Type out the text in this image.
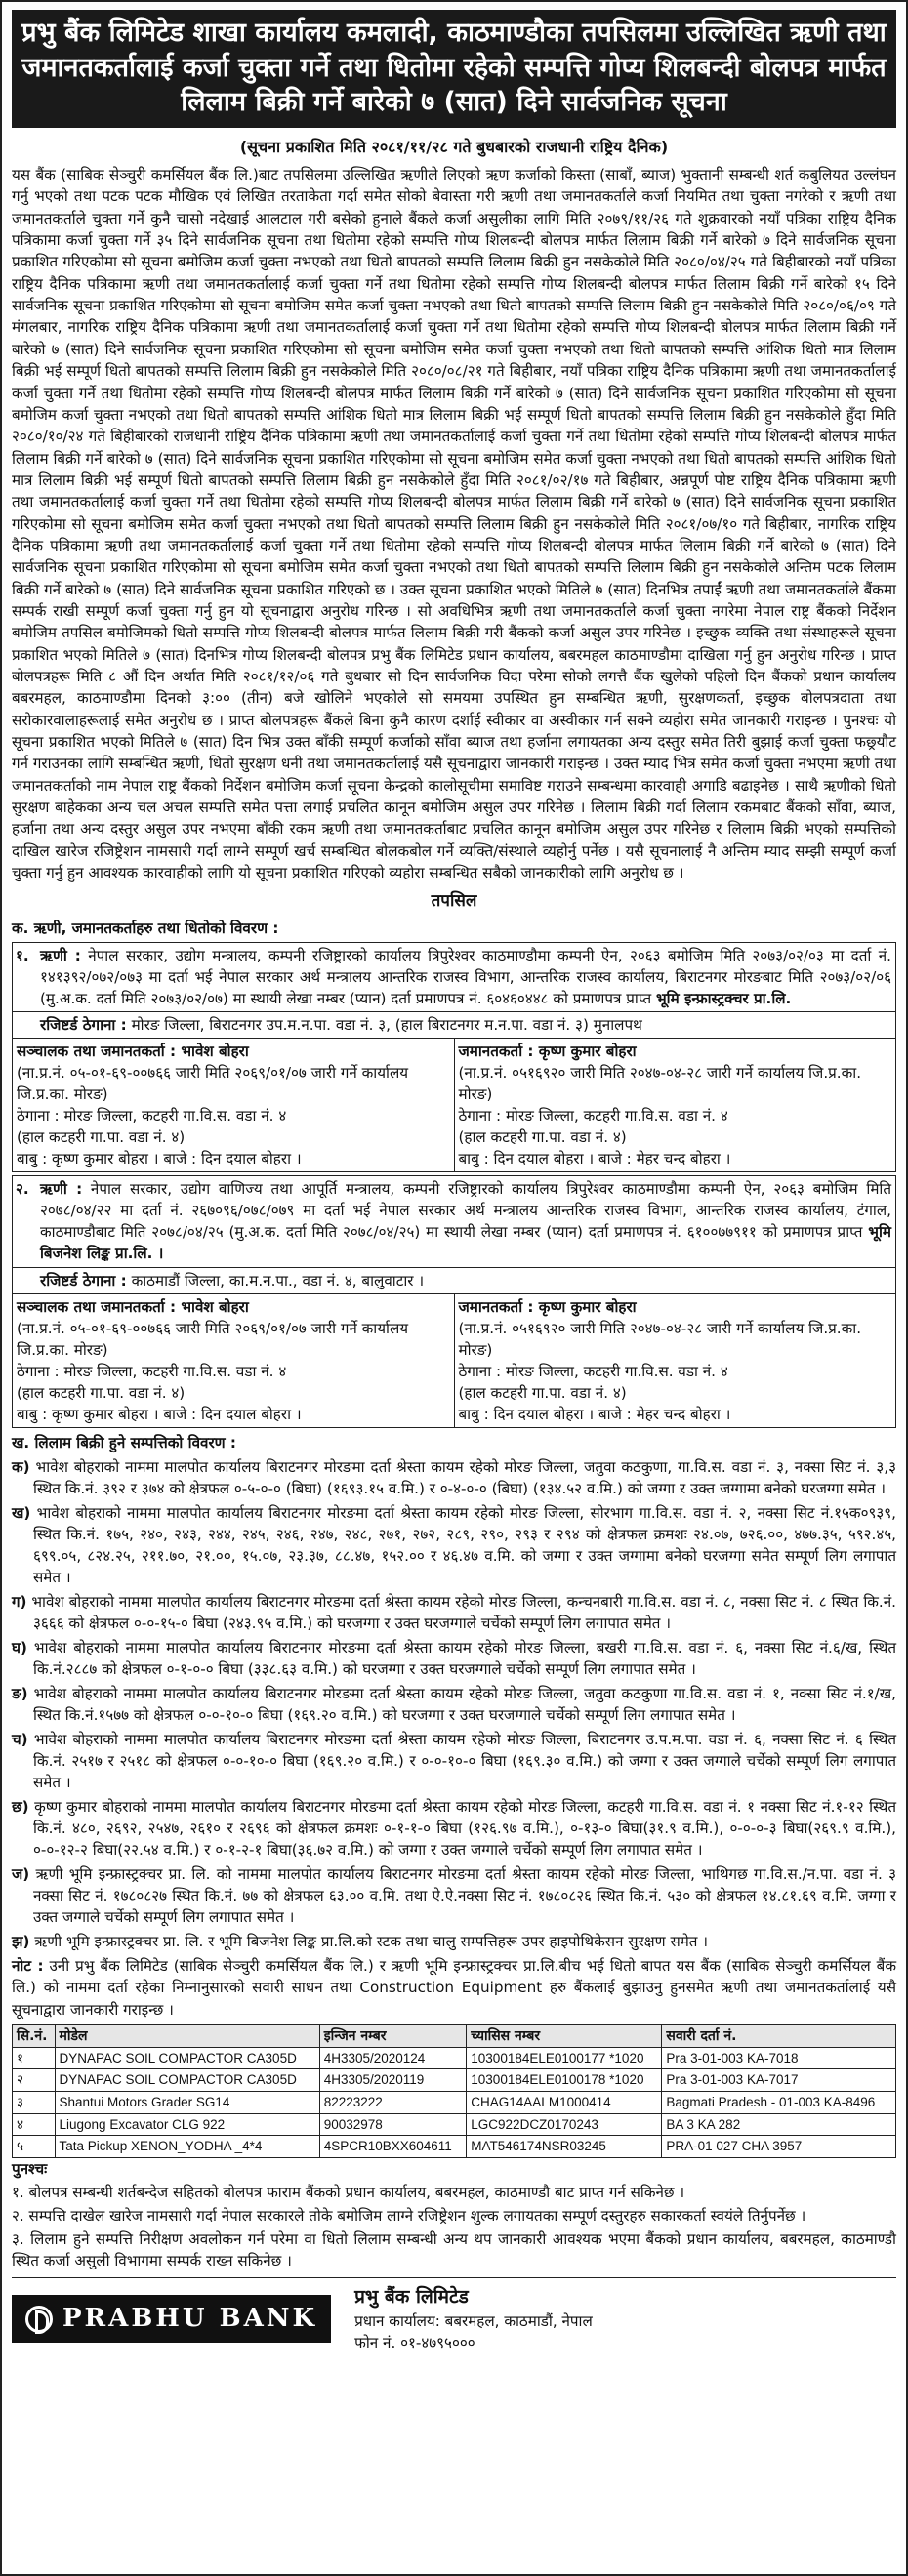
प्रभु बैंक लिमिटेड शाखा कार्यालय कमलादी, काठमाण्डौका तपसिलमा उल्लिखित ऋणी तथा जमानतकर्तालाई कर्जा चुक्ता गर्ने तथा धितोमा रहेको सम्पत्ति गोप्य शिलबन्दी बोलपत्र मार्फत लिलाम बिक्री गर्ने बारेको ७ (सात) दिने सार्वजनिक सूचना
(सूचना प्रकाशित मिति २०८१/११/२८ गते बुधबारको राजधानी राष्ट्रिय दैनिक)

यस बैंक (साबिक सेञ्चुरी कमर्सियल बैंक लि.)बाट तपसिलमा उल्लिखित ऋणीले लिएको ऋण कर्जाको किस्ता (साबाँ, ब्याज) भुक्तानी सम्बन्धी शर्त कबुलियत उल्लंघन गर्नु भएको तथा पटक पटक मौखिक एवं लिखित तरताकेता गर्दा समेत सोको बेवास्ता गरी ऋणी तथा जमानतकर्ताले कर्जा नियमित तथा चुक्ता नगरेको र ऋणी तथा जमानतकर्ताले चुक्ता गर्ने कुनै चासो नदेखाई आलटाल गरी बसेको हुनाले बैंकले कर्जा असुलीका लागि मिति २०७९/११/२६ गते शुक्रवारको नयाँ पत्रिका राष्ट्रिय दैनिक पत्रिकामा कर्जा चुक्ता गर्ने ३५ दिने सार्वजनिक सूचना तथा धितोमा रहेको सम्पत्ति गोप्य शिलबन्दी बोलपत्र मार्फत लिलाम बिक्री गर्ने बारेको ७ दिने सार्वजनिक सूचना प्रकाशित गरिएकोमा सो सूचना बमोजिम कर्जा चुक्ता नभएको तथा धितो बापतको सम्पत्ति लिलाम बिक्री हुन नसकेकोले मिति २०८०/०४/२५ गते बिहीबारको नयाँ पत्रिका राष्ट्रिय दैनिक पत्रिकामा ऋणी तथा जमानतकर्तालाई कर्जा चुक्ता गर्ने तथा धितोमा रहेको सम्पत्ति गोप्य शिलबन्दी बोलपत्र मार्फत लिलाम बिक्री गर्ने बारेको १५ दिने सार्वजनिक सूचना प्रकाशित गरिएकोमा सो सूचना बमोजिम समेत कर्जा चुक्ता नभएको तथा धितो बापतको सम्पत्ति लिलाम बिक्री हुन नसकेकोले मिति २०८०/०६/०९ गते मंगलबार, नागरिक राष्ट्रिय दैनिक पत्रिकामा ऋणी तथा जमानतकर्तालाई कर्जा चुक्ता गर्ने तथा धितोमा रहेको सम्पत्ति गोप्य शिलबन्दी बोलपत्र मार्फत लिलाम बिक्री गर्ने बारेको ७ (सात) दिने सार्वजनिक सूचना प्रकाशित गरिएकोमा सो सूचना बमोजिम समेत कर्जा चुक्ता नभएको तथा धितो बापतको सम्पत्ति आंशिक धितो मात्र लिलाम बिक्री भई सम्पूर्ण धितो बापतको सम्पत्ति लिलाम बिक्री हुन नसकेकोले मिति २०८०/०८/२१ गते बिहीबार, नयाँ पत्रिका राष्ट्रिय दैनिक पत्रिकामा ऋणी तथा जमानतकर्तालाई कर्जा चुक्ता गर्ने तथा धितोमा रहेको सम्पत्ति गोप्य शिलबन्दी बोलपत्र मार्फत लिलाम बिक्री गर्ने बारेको ७ (सात) दिने सार्वजनिक सूचना प्रकाशित गरिएकोमा सो सूचना बमोजिम कर्जा चुक्ता नभएको तथा धितो बापतको सम्पत्ति आंशिक धितो मात्र लिलाम बिक्री भई सम्पूर्ण धितो बापतको सम्पत्ति लिलाम बिक्री हुन नसकेकोले हुँदा मिति २०८०/१०/२४ गते बिहीबारको राजधानी राष्ट्रिय दैनिक पत्रिकामा ऋणी तथा जमानतकर्तालाई कर्जा चुक्ता गर्ने तथा धितोमा रहेको सम्पत्ति गोप्य शिलबन्दी बोलपत्र मार्फत लिलाम बिक्री गर्ने बारेको ७ (सात) दिने सार्वजनिक सूचना प्रकाशित गरिएकोमा सो सूचना बमोजिम समेत कर्जा चुक्ता नभएको तथा धितो बापतको सम्पत्ति आंशिक धितो मात्र लिलाम बिक्री भई सम्पूर्ण धितो बापतको सम्पत्ति लिलाम बिक्री हुन नसकेकोले हुँदा मिति २०८१/०२/१७ गते बिहीबार, अन्नपूर्ण पोष्ट राष्ट्रिय दैनिक पत्रिकामा ऋणी तथा जमानतकर्तालाई कर्जा चुक्ता गर्ने तथा धितोमा रहेको सम्पत्ति गोप्य शिलबन्दी बोलपत्र मार्फत लिलाम बिक्री गर्ने बारेको ७ (सात) दिने सार्वजनिक सूचना प्रकाशित गरिएकोमा सो सूचना बमोजिम समेत कर्जा चुक्ता नभएको तथा धितो बापतको सम्पत्ति लिलाम बिक्री हुन नसकेकोले मिति २०८१/०७/१० गते बिहीबार, नागरिक राष्ट्रिय दैनिक पत्रिकामा ऋणी तथा जमानतकर्तालाई कर्जा चुक्ता गर्ने तथा धितोमा रहेको सम्पत्ति गोप्य शिलबन्दी बोलपत्र मार्फत लिलाम बिक्री गर्ने बारेको ७ (सात) दिने सार्वजनिक सूचना प्रकाशित गरिएकोमा सो सूचना बमोजिम समेत कर्जा चुक्ता नभएको तथा धितो बापतको सम्पत्ति लिलाम बिक्री हुन नसकेकोले अन्तिम पटक लिलाम बिक्री गर्ने बारेको ७ (सात) दिने सार्वजनिक सूचना प्रकाशित गरिएको छ । उक्त सूचना प्रकाशित भएको मितिले ७ (सात) दिनभित्र तपाईं ऋणी तथा जमानतकर्ताले बैंकमा सम्पर्क राखी सम्पूर्ण कर्जा चुक्ता गर्नु हुन यो सूचनाद्वारा अनुरोध गरिन्छ । सो अवधिभित्र ऋणी तथा जमानतकर्ताले कर्जा चुक्ता नगरेमा नेपाल राष्ट्र बैंकको निर्देशन बमोजिम तपसिल बमोजिमको धितो सम्पत्ति गोप्य शिलबन्दी बोलपत्र मार्फत लिलाम बिक्री गरी बैंकको कर्जा असुल उपर गरिनेछ । इच्छुक व्यक्ति तथा संस्थाहरूले सूचना प्रकाशित भएको मितिले ७ (सात) दिनभित्र गोप्य शिलबन्दी बोलपत्र प्रभु बैंक लिमिटेड प्रधान कार्यालय, बबरमहल काठमाण्डौमा दाखिला गर्नु हुन अनुरोध गरिन्छ । प्राप्त बोलपत्रहरू मिति ८ औं दिन अर्थात मिति २०८१/१२/०६ गते बुधबार सो दिन सार्वजनिक विदा परेमा सोको लगत्तै बैंक खुलेको पहिलो दिन बैंकको प्रधान कार्यालय बबरमहल, काठमाण्डौमा दिनको ३:०० (तीन) बजे खोलिने भएकोले सो समयमा उपस्थित हुन सम्बन्धित ऋणी, सुरक्षणकर्ता, इच्छुक बोलपत्रदाता तथा सरोकारवालाहरूलाई समेत अनुरोध छ । प्राप्त बोलपत्रहरू बैंकले बिना कुनै कारण दर्शाई स्वीकार वा अस्वीकार गर्न सक्ने व्यहोरा समेत जानकारी गराइन्छ । पुनश्चः यो सूचना प्रकाशित भएको मितिले ७ (सात) दिन भित्र उक्त बाँकी सम्पूर्ण कर्जाको साँवा ब्याज तथा हर्जाना लगायतका अन्य दस्तुर समेत तिरी बुझाई कर्जा चुक्ता फछ्र्यौट गर्न गराउनका लागि सम्बन्धित ऋणी, धितो सुरक्षण धनी तथा जमानतकर्तालाई यसै सूचनाद्वारा जानकारी गराइन्छ । उक्त म्याद भित्र समेत कर्जा चुक्ता नभएमा ऋणी तथा जमानतकर्ताको नाम नेपाल राष्ट्र बैंकको निर्देशन बमोजिम कर्जा सूचना केन्द्रको कालोसूचीमा समाविष्ट गराउने सम्बन्धमा कारवाही अगाडि बढाइनेछ । साथै ऋणीको धितो सुरक्षण बाहेकका अन्य चल अचल सम्पत्ति समेत पत्ता लगाई प्रचलित कानून बमोजिम असुल उपर गरिनेछ । लिलाम बिक्री गर्दा लिलाम रकमबाट बैंकको साँवा, ब्याज, हर्जाना तथा अन्य दस्तुर असुल उपर नभएमा बाँकी रकम ऋणी तथा जमानतकर्ताबाट प्रचलित कानून बमोजिम असुल उपर गरिनेछ र लिलाम बिक्री भएको सम्पत्तिको दाखिल खारेज रजिष्ट्रेशन नामसारी गर्दा लाग्ने सम्पूर्ण खर्च सम्बन्धित बोलकबोल गर्ने व्यक्ति/संस्थाले व्यहोर्नु पर्नेछ । यसै सूचनालाई नै अन्तिम म्याद सम्झी सम्पूर्ण कर्जा चुक्ता गर्नु हुन आवश्यक कारवाहीको लागि यो सूचना प्रकाशित गरिएको व्यहोरा सम्बन्धित सबैको जानकारीको लागि अनुरोध छ ।

तपसिल
क. ऋणी, जमानतकर्ताहरु तथा धितोको विवरण :
१. ऋणी : नेपाल सरकार, उद्योग मन्त्रालय, कम्पनी रजिष्ट्रारको कार्यालय त्रिपुरेश्वर काठमाण्डौमा कम्पनी ऐन, २०६३ बमोजिम मिति २०७३/०२/०३ मा दर्ता नं. १४१३९२/०७२/०७३ मा दर्ता भई नेपाल सरकार अर्थ मन्त्रालय आन्तरिक राजस्व विभाग, आन्तरिक राजस्व कार्यालय, बिराटनगर मोरङबाट मिति २०७३/०२/०६ (मु.अ.क. दर्ता मिति २०७३/०२/०७) मा स्थायी लेखा नम्बर (प्यान) दर्ता प्रमाणपत्र नं. ६०४६०४४८ को प्रमाणपत्र प्राप्त भूमि इन्फ्रास्ट्रक्चर प्रा.लि.
रजिष्टर्ड ठेगाना : मोरङ जिल्ला, बिराटनगर उप.म.न.पा. वडा नं. ३, (हाल बिराटनगर म.न.पा. वडा नं. ३) मुनालपथ
सञ्चालक तथा जमानतकर्ता : भावेश बोहरा
(ना.प्र.नं. ०५-०१-६९-००७६६ जारी मिति २०६९/०१/०७ जारी गर्ने कार्यालय जि.प्र.का. मोरङ)
ठेगाना : मोरङ जिल्ला, कटहरी गा.वि.स. वडा नं. ४
(हाल कटहरी गा.पा. वडा नं. ४)
बाबु : कृष्ण कुमार बोहरा । बाजे : दिन दयाल बोहरा ।
जमानतकर्ता : कृष्ण कुमार बोहरा
(ना.प्र.नं. ०५१६९२० जारी मिति २०४७-०४-२८ जारी गर्ने कार्यालय जि.प्र.का. मोरङ)
ठेगाना : मोरङ जिल्ला, कटहरी गा.वि.स. वडा नं. ४
(हाल कटहरी गा.पा. वडा नं. ४)
बाबु : दिन दयाल बोहरा । बाजे : मेहर चन्द बोहरा ।
२. ऋणी : नेपाल सरकार, उद्योग वाणिज्य तथा आपूर्ति मन्त्रालय, कम्पनी रजिष्ट्रारको कार्यालय त्रिपुरेश्वर काठमाण्डौमा कम्पनी ऐन, २०६३ बमोजिम मिति २०७८/०४/२२ मा दर्ता नं. २६७०९६/०७८/०७९ मा दर्ता भई नेपाल सरकार अर्थ मन्त्रालय आन्तरिक राजस्व विभाग, आन्तरिक राजस्व कार्यालय, टंगाल, काठमाण्डौबाट मिति २०७८/०४/२५ (मु.अ.क. दर्ता मिति २०७८/०४/२५) मा स्थायी लेखा नम्बर (प्यान) दर्ता प्रमाणपत्र नं. ६१००७७९११ को प्रमाणपत्र प्राप्त भूमि बिजनेश लिङ्क प्रा.लि. ।
रजिष्टर्ड ठेगाना : काठमाडौं जिल्ला, का.म.न.पा., वडा नं. ४, बालुवाटार ।
सञ्चालक तथा जमानतकर्ता : भावेश बोहरा
(ना.प्र.नं. ०५-०१-६९-००७६६ जारी मिति २०६९/०१/०७ जारी गर्ने कार्यालय जि.प्र.का. मोरङ)
ठेगाना : मोरङ जिल्ला, कटहरी गा.वि.स. वडा नं. ४
(हाल कटहरी गा.पा. वडा नं. ४)
बाबु : कृष्ण कुमार बोहरा । बाजे : दिन दयाल बोहरा ।
जमानतकर्ता : कृष्ण कुमार बोहरा
(ना.प्र.नं. ०५१६९२० जारी मिति २०४७-०४-२८ जारी गर्ने कार्यालय जि.प्र.का. मोरङ)
ठेगाना : मोरङ जिल्ला, कटहरी गा.वि.स. वडा नं. ४
(हाल कटहरी गा.पा. वडा नं. ४)
बाबु : दिन दयाल बोहरा । बाजे : मेहर चन्द बोहरा ।
ख. लिलाम बिक्री हुने सम्पत्तिको विवरण :

क) भावेश बोहराको नाममा मालपोत कार्यालय बिराटनगर मोरङमा दर्ता श्रेस्ता कायम रहेको मोरङ जिल्ला, जतुवा कठकुणा, गा.वि.स. वडा नं. ३, नक्सा सिट नं. ३,३ स्थित कि.नं. ३९२ र ३७४ को क्षेत्रफल ०-५-०-० (बिघा) (१६९३.१५ व.मि.) र ०-४-०-० (बिघा) (१३४.५२ व.मि.) को जग्गा र उक्त जग्गामा बनेको घरजग्गा समेत ।

ख) भावेश बोहराको नाममा मालपोत कार्यालय बिराटनगर मोरङमा दर्ता श्रेस्ता कायम रहेको मोरङ जिल्ला, सोरभाग गा.वि.स. वडा नं. २, नक्सा सिट नं.१५क०९३९, स्थित कि.नं. १७५, २४०, २४३, २४४, २४५, २४६, २४७, २४८, २७१, २७२, २८९, २९०, २९३ र २९४ को क्षेत्रफल क्रमशः २४.०७, ७२६.००, ४७७.३५, ५९२.४५, ६९९.०५, ८२४.२५, २११.७०, २१.००, १५.०७, २३.३७, ८८.४७, १५२.०० र ४६.४७ व.मि. को जग्गा र उक्त जग्गामा बनेको घरजग्गा समेत सम्पूर्ण लिग लगापात समेत ।

ग) भावेश बोहराको नाममा मालपोत कार्यालय बिराटनगर मोरङमा दर्ता श्रेस्ता कायम रहेको मोरङ जिल्ला, कन्चनबारी गा.वि.स. वडा नं. ८, नक्सा सिट नं. ८ स्थित कि.नं. ३६६६ को क्षेत्रफल ०-०-१५-० बिघा (२४३.९५ व.मि.) को घरजग्गा र उक्त घरजग्गाले चर्चेको सम्पूर्ण लिग लगापात समेत ।

घ) भावेश बोहराको नाममा मालपोत कार्यालय बिराटनगर मोरङमा दर्ता श्रेस्ता कायम रहेको मोरङ जिल्ला, बखरी गा.वि.स. वडा नं. ६, नक्सा सिट नं.६/ख, स्थित कि.नं.२८८७ को क्षेत्रफल ०-१-०-० बिघा (३३८.६३ व.मि.) को घरजग्गा र उक्त घरजग्गाले चर्चेको सम्पूर्ण लिग लगापात समेत ।

ङ) भावेश बोहराको नाममा मालपोत कार्यालय बिराटनगर मोरङमा दर्ता श्रेस्ता कायम रहेको मोरङ जिल्ला, जतुवा कठकुणा गा.वि.स. वडा नं. १, नक्सा सिट नं.१/ख, स्थित कि.नं.१५७७ को क्षेत्रफल ०-०-१०-० बिघा (१६९.२० व.मि.) को घरजग्गा र उक्त घरजग्गाले चर्चेको सम्पूर्ण लिग लगापात समेत ।

च) भावेश बोहराको नाममा मालपोत कार्यालय बिराटनगर मोरङमा दर्ता श्रेस्ता कायम रहेको मोरङ जिल्ला, बिराटनगर उ.प.म.पा. वडा नं. ६, नक्सा सिट नं. ६ स्थित कि.नं. २५१७ र २५१८ को क्षेत्रफल ०-०-१०-० बिघा (१६९.२० व.मि.) र ०-०-१०-० बिघा (१६९.३० व.मि.) को जग्गा र उक्त जग्गाले चर्चेको सम्पूर्ण लिग लगापात समेत ।

छ) कृष्ण कुमार बोहराको नाममा मालपोत कार्यालय बिराटनगर मोरङमा दर्ता श्रेस्ता कायम रहेको मोरङ जिल्ला, कटहरी गा.वि.स. वडा नं. १ नक्सा सिट नं.१-१२ स्थित कि.नं. ४८०, २६९२, २५४७, २६१० र २६९६ को क्षेत्रफल क्रमशः ०-१-१-० बिघा (१२६.९७ व.मि.), ०-१३-० बिघा(३१.९ व.मि.), ०-०-०-३ बिघा(२६९.९ व.मि.), ०-०-१२-२ बिघा(२२.५४ व.मि.) र ०-१-२-१ बिघा(३६.७२ व.मि.) को जग्गा र उक्त जग्गाले चर्चेको सम्पूर्ण लिग लगापात समेत ।

ज) ऋणी भूमि इन्फ्रास्ट्रक्चर प्रा. लि. को नाममा मालपोत कार्यालय बिराटनगर मोरङमा दर्ता श्रेस्ता कायम रहेको मोरङ जिल्ला, भाथिगछ गा.वि.स./न.पा. वडा नं. ३ नक्सा सिट नं. १७८०८२७ स्थित कि.नं. ७७ को क्षेत्रफल ६३.०० व.मि. तथा ऐ.ऐ.नक्सा सिट नं. १७८०८२६ स्थित कि.नं. ५३० को क्षेत्रफल १४.८१.६९ व.मि. जग्गा र उक्त जग्गाले चर्चेको सम्पूर्ण लिग लगापात समेत ।

झ) ऋणी भूमि इन्फ्रास्ट्रक्चर प्रा. लि. र भूमि बिजनेश लिङ्क प्रा.लि.को स्टक तथा चालु सम्पत्तिहरू उपर हाइपोथिकेसन सुरक्षण समेत ।

नोट : उनी प्रभु बैंक लिमिटेड (साबिक सेञ्चुरी कमर्सियल बैंक लि.) र ऋणी भूमि इन्फ्रास्ट्रक्चर प्रा.लि.बीच भई धितो बापत यस बैंक (साबिक सेञ्चुरी कमर्सियल बैंक लि.) को नाममा दर्ता रहेका निम्नानुसारको सवारी साधन तथा Construction Equipment हरु बैंकलाई बुझाउनु हुनसमेत ऋणी तथा जमानतकर्तालाई यसै सूचनाद्वारा जानकारी गराइन्छ ।

सि.नं.	मोडेल	इन्जिन नम्बर	च्यासिस नम्बर	सवारी दर्ता नं.
१	DYNAPAC SOIL COMPACTOR CA305D	4H3305/2020124	10300184ELE0100177 *1020	Pra 3-01-003 KA-7018
२	DYNAPAC SOIL COMPACTOR CA305D	4H3305/2020119	10300184ELE0100178 *1020	Pra 3-01-003 KA-7017
३	Shantui Motors Grader SG14	82223222	CHAG14AALM1000414	Bagmati Pradesh - 01-003 KA-8496
४	Liugong Excavator CLG 922	90032978	LGC922DCZ0170243	BA 3 KA 282
५	Tata Pickup XENON_YODHA _4*4	4SPCR10BXX604611	MAT546174NSR03245	PRA-01 027 CHA 3957
पुनश्चः

१. बोलपत्र सम्बन्धी शर्तबन्देज सहितको बोलपत्र फाराम बैंकको प्रधान कार्यालय, बबरमहल, काठमाण्डौ बाट प्राप्त गर्न सकिनेछ ।

२. सम्पत्ति दाखेल खारेज नामसारी गर्दा नेपाल सरकारले तोके बमोजिम लाग्ने रजिष्ट्रेशन शुल्क लगायतका सम्पूर्ण दस्तुरहरु सकारकर्ता स्वयंले तिर्नुपर्नेछ ।

३. लिलाम हुने सम्पत्ति निरीक्षण अवलोकन गर्न परेमा वा धितो लिलाम सम्बन्धी अन्य थप जानकारी आवश्यक भएमा बैंकको प्रधान कार्यालय, बबरमहल, काठमाण्डौ स्थित कर्जा असुली विभागमा सम्पर्क राख्न सकिनेछ ।

PRABHU BANK
प्रभु बैंक लिमिटेड
प्रधान कार्यालय: बबरमहल, काठमाडौं, नेपाल
फोन नं. ०१-४७९५०००
